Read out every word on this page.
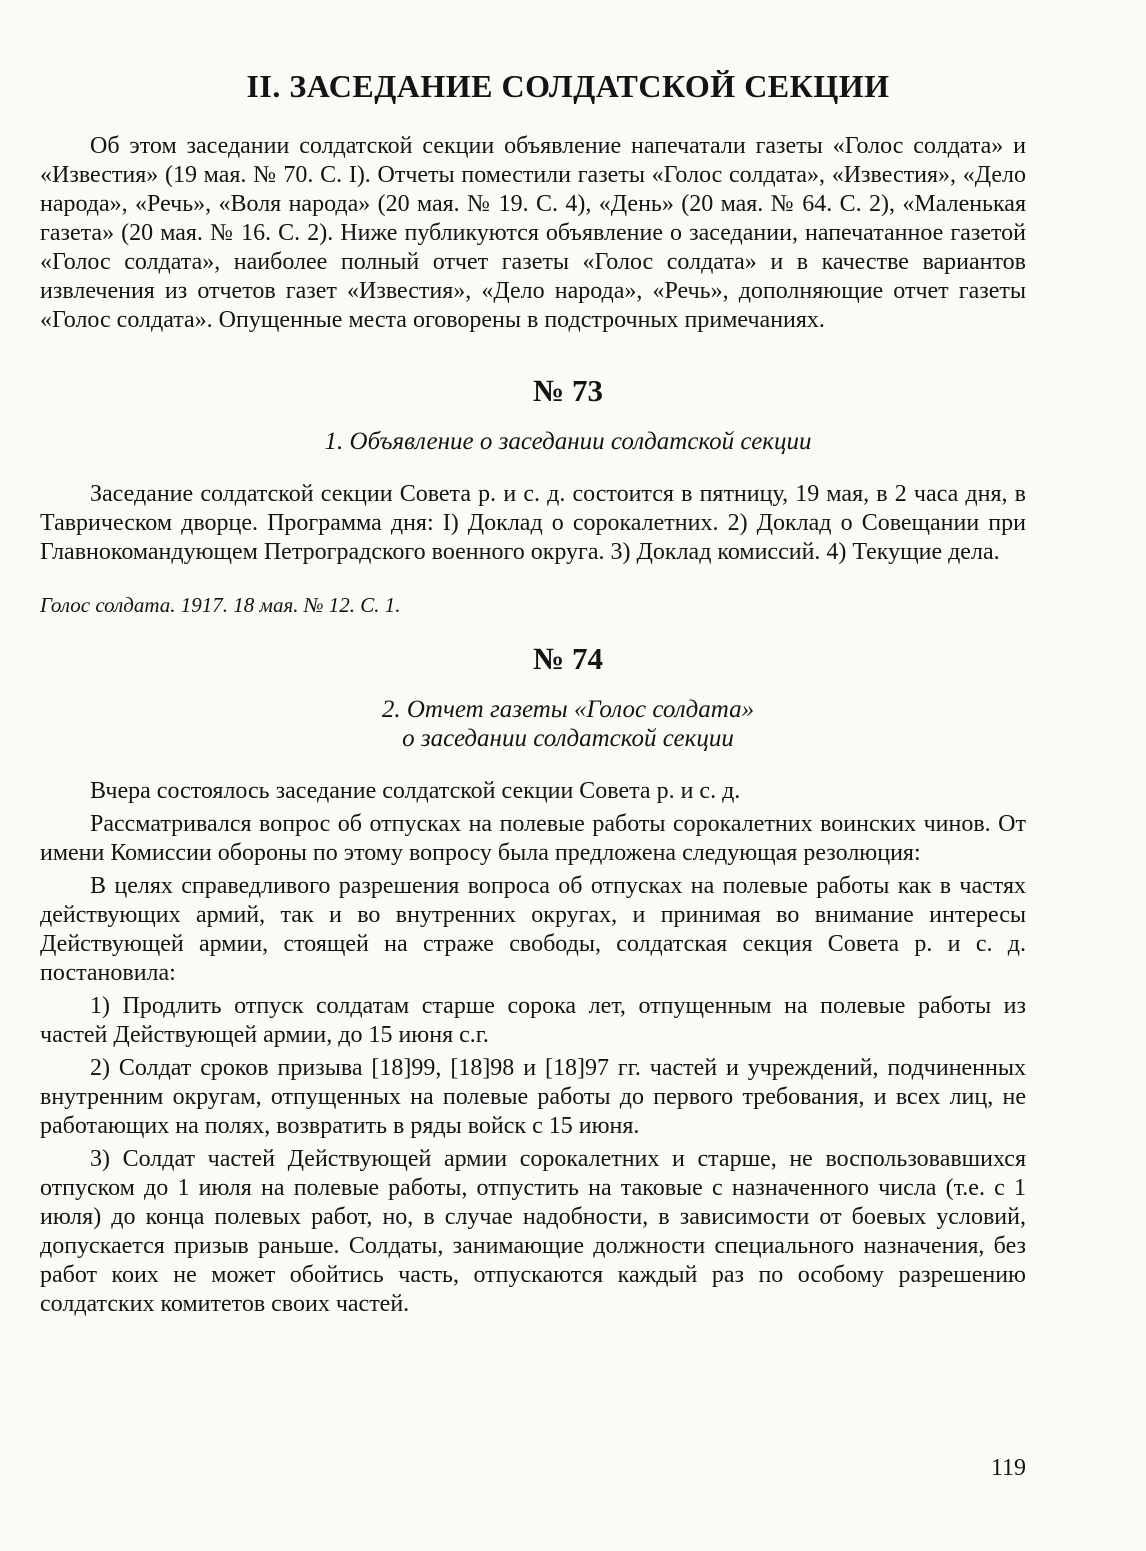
II. ЗАСЕДАНИЕ СОЛДАТСКОЙ СЕКЦИИ

Об этом заседании солдатской секции объявление напечатали газеты «Голос солдата» и «Известия» (19 мая. № 70. С. I). Отчеты поместили газеты «Голос солдата», «Известия», «Дело народа», «Речь», «Воля народа» (20 мая. № 19. С. 4), «День» (20 мая. № 64. С. 2), «Маленькая газета» (20 мая. № 16. С. 2). Ниже публикуются объявление о заседании, напечатанное газетой «Голос солдата», наиболее полный отчет газеты «Голос солдата» и в качестве вариантов извлечения из отчетов газет «Известия», «Дело народа», «Речь», дополняющие отчет газеты «Голос солдата». Опущенные места оговорены в подстрочных примечаниях.

№ 73
1. Объявление о заседании солдатской секции

Заседание солдатской секции Совета р. и с. д. состоится в пятницу, 19 мая, в 2 часа дня, в Таврическом дворце. Программа дня: I) Доклад о сорокалетних. 2) Доклад о Совещании при Главнокомандующем Петроградского военного округа. 3) Доклад комиссий. 4) Текущие дела.

Голос солдата. 1917. 18 мая. № 12. С. 1.

№ 74
2. Отчет газеты «Голос солдата»
о заседании солдатской секции

Вчера состоялось заседание солдатской секции Совета р. и с. д.

Рассматривался вопрос об отпусках на полевые работы сорокалетних воинских чинов. От имени Комиссии обороны по этому вопросу была предложена следующая резолюция:

В целях справедливого разрешения вопроса об отпусках на полевые работы как в частях действующих армий, так и во внутренних округах, и принимая во внимание интересы Действующей армии, стоящей на страже свободы, солдатская секция Совета р. и с. д. постановила:

1) Продлить отпуск солдатам старше сорока лет, отпущенным на полевые работы из частей Действующей армии, до 15 июня с.г.

2) Солдат сроков призыва [18]99, [18]98 и [18]97 гг. частей и учреждений, подчиненных внутренним округам, отпущенных на полевые работы до первого требования, и всех лиц, не работающих на полях, возвратить в ряды войск с 15 июня.

3) Солдат частей Действующей армии сорокалетних и старше, не воспользовавшихся отпуском до 1 июля на полевые работы, отпустить на таковые с назначенного числа (т.е. с 1 июля) до конца полевых работ, но, в случае надобности, в зависимости от боевых условий, допускается призыв раньше. Солдаты, занимающие должности специального назначения, без работ коих не может обойтись часть, отпускаются каждый раз по особому разрешению солдатских комитетов своих частей.

119
